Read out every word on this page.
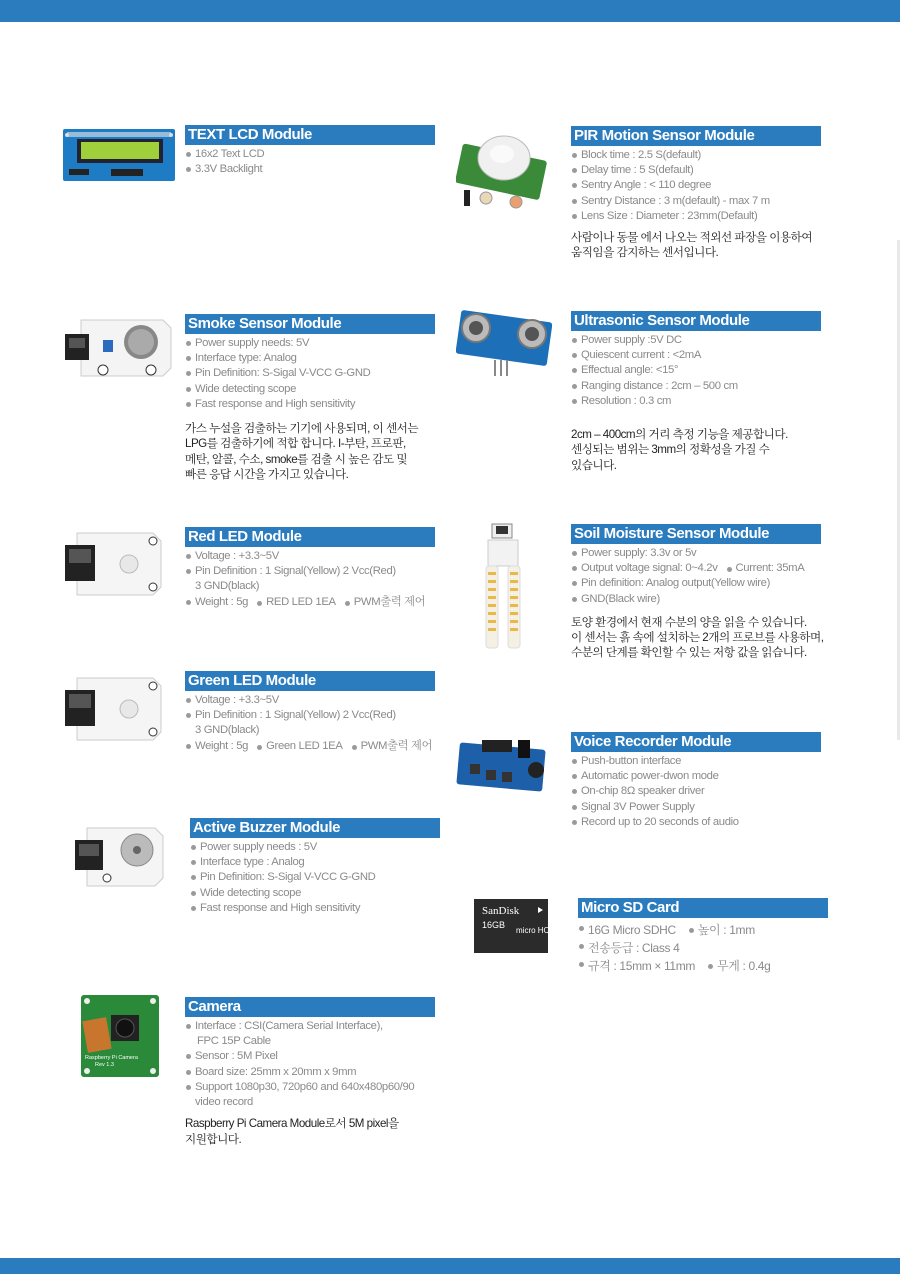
TEXT LCD Module
16x2 Text LCD
3.3V Backlight
PIR Motion Sensor Module
Block time : 2.5 S(default)
Delay time : 5 S(default)
Sentry Angle : < 110 degree
Sentry Distance : 3 m(default) - max 7 m
Lens Size : Diameter : 23mm(Default)
사람이나 동물 에서 나오는 적외선 파장을 이용하여
움직임을 감지하는 센서입니다.
Smoke Sensor Module
Power supply needs: 5V
Interface type: Analog
Pin Definition: S-Sigal V-VCC G-GND
Wide detecting scope
Fast response and High sensitivity
가스 누설을 검출하는 기기에 사용되며, 이 센서는
LPG를 검출하기에 적합 합니다. I-부탄, 프로판,
메탄, 알콜, 수소, smoke를 검출 시 높은 감도 및
빠른 응답 시간을 가지고 있습니다.
Ultrasonic Sensor Module
Power supply :5V DC
Quiescent current : <2mA
Effectual angle: <15°
Ranging distance : 2cm – 500 cm
Resolution : 0.3 cm
2cm – 400cm의 거리 측정 기능을 제공합니다.
센싱되는 범위는 3mm의 정확성을 가질 수
있습니다.
Red LED Module
Voltage : +3.3~5V
Pin Definition : 1 Signal(Yellow) 2 Vcc(Red)
3 GND(black)
Weight : 5g RED LED 1EA PWM출력 제어
Soil Moisture Sensor Module
Power supply: 3.3v or 5v
Output voltage signal: 0~4.2v Current: 35mA
Pin definition: Analog output(Yellow wire)
GND(Black wire)
토양 환경에서 현재 수분의 양을 읽을 수 있습니다.
이 센서는 흙 속에 설치하는 2개의 프로브를 사용하며,
수분의 단계를 확인할 수 있는 저항 값을 읽습니다.
Green LED Module
Voltage : +3.3~5V
Pin Definition : 1 Signal(Yellow) 2 Vcc(Red)
3 GND(black)
Weight : 5g Green LED 1EA PWM출력 제어	Voice Recorder Module
Push-button interface
Automatic power-dwon mode
On-chip 8Ω speaker driver
Signal 3V Power Supply
Record up to 20 seconds of audio
Active Buzzer Module
Power supply needs : 5V
Interface type : Analog
Pin Definition: S-Sigal V-VCC G-GND
Wide detecting scope
Fast response and High sensitivity	SanDisk
16GB
micro HC
Micro SD Card
16G Micro SDHC 높이 : 1mm
전송등급 : Class 4
규격 : 15mm × 11mm 무게 : 0.4g
Raspberry Pi Camera
Rev 1.3
Camera
Interface : CSI(Camera Serial Interface),
FPC 15P Cable
Sensor : 5M Pixel
Board size: 25mm x 20mm x 9mm
Support 1080p30, 720p60 and 640x480p60/90
video record
Raspberry Pi Camera Module로서 5M pixel을
지원합니다.
